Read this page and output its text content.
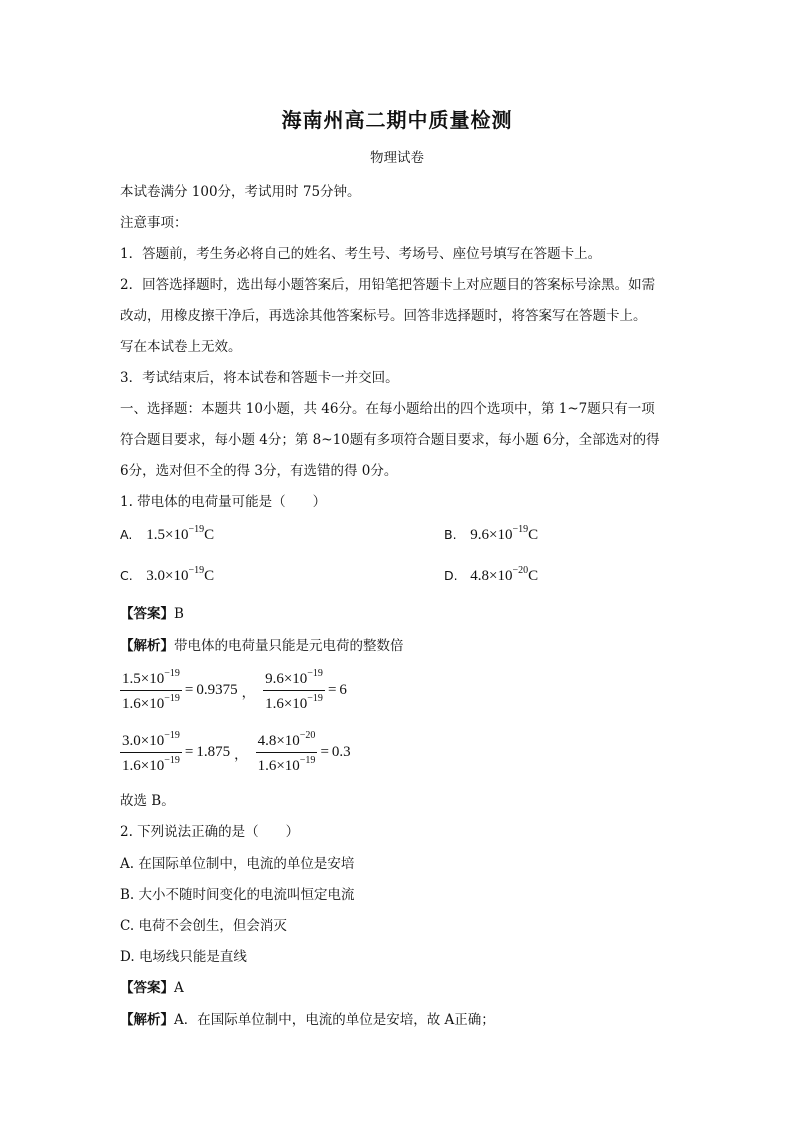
海南州高二期中质量检测
物理试卷
本试卷满分 100分，考试用时 75分钟。
注意事项：
1．答题前，考生务必将自己的姓名、考生号、考场号、座位号填写在答题卡上。
2．回答选择题时，选出每小题答案后，用铅笔把答题卡上对应题目的答案标号涂黑。如需
改动，用橡皮擦干净后，再选涂其他答案标号。回答非选择题时，将答案写在答题卡上。
写在本试卷上无效。
3．考试结束后，将本试卷和答题卡一并交回。
一、选择题：本题共 10小题，共 46分。在每小题给出的四个选项中，第 1~7题只有一项
符合题目要求，每小题 4分；第 8~10题有多项符合题目要求，每小题 6分，全部选对的得
6分，选对但不全的得 3分，有选错的得 0分。
1. 带电体的电荷量可能是（　　）
A. $1.5\times 10^{-19}C$	B. $9.6\times 10^{-19}C$
C. $3.0\times 10^{-19}C$	D. $4.8\times 10^{-20}C$
【答案】B
【解析】带电体的电荷量只能是元电荷的整数倍
$\frac{1.5\times 10^{-19}}{1.6\times 10^{-19}} = 0.9375$ ， $\frac{9.6\times 10^{-19}}{1.6\times 10^{-19}} = 6$
$\frac{3.0\times 10^{-19}}{1.6\times 10^{-19}} = 1.875$ ， $\frac{4.8\times 10^{-20}}{1.6\times 10^{-19}} = 0.3$
故选 B。
2. 下列说法正确的是（　　）
A. 在国际单位制中，电流的单位是安培
B. 大小不随时间变化的电流叫恒定电流
C. 电荷不会创生，但会消灭
D. 电场线只能是直线
【答案】A
【解析】A．在国际单位制中，电流的单位是安培，故 A正确；
